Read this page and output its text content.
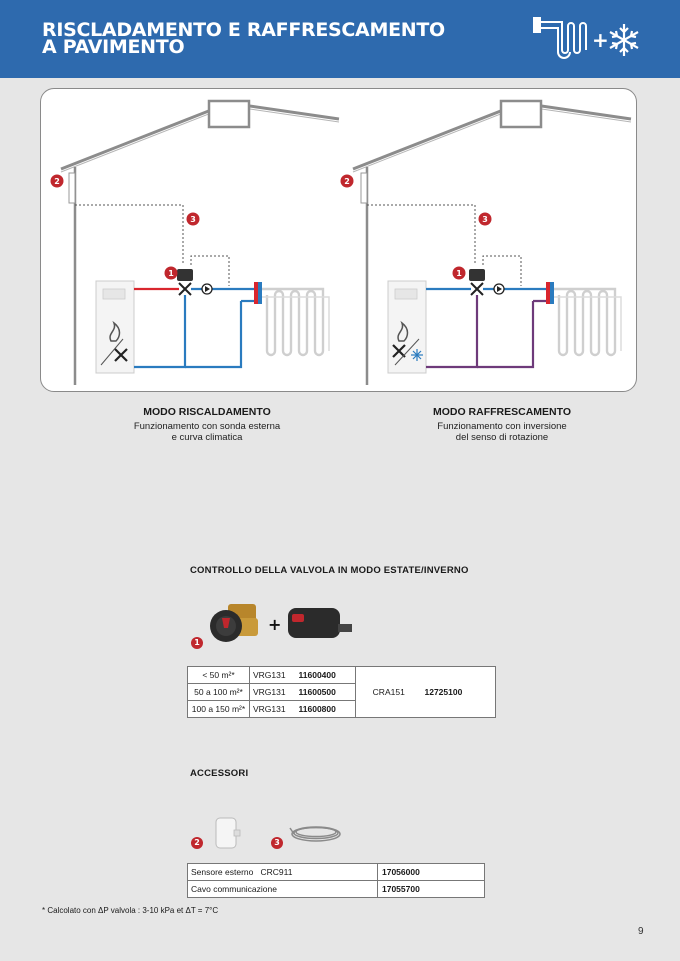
RISCLADAMENTO E RAFFRESCAMENTO
A PAVIMENTO	+
2
3
1
2
3
1
MODO RISCALDAMENTO
Funzionamento con sonda esterna
e curva climatica
MODO RAFFRESCAMENTO
Funzionamento con inversione
del senso di rotazione
CONTROLLO DELLA VALVOLA IN MODO ESTATE/INVERNO
+
1
< 50 m²*	VRG131	11600400	CRA151	12725100
50 a 100 m²*	VRG131	11600500		
100 a 150 m²*	VRG131	11600800		
ACCESSORI
2	3
Sensore esterno CRC911	17056000
Cavo communicazione	17055700
* Calcolato con ΔP valvola : 3-10 kPa et ΔT = 7°C
9
